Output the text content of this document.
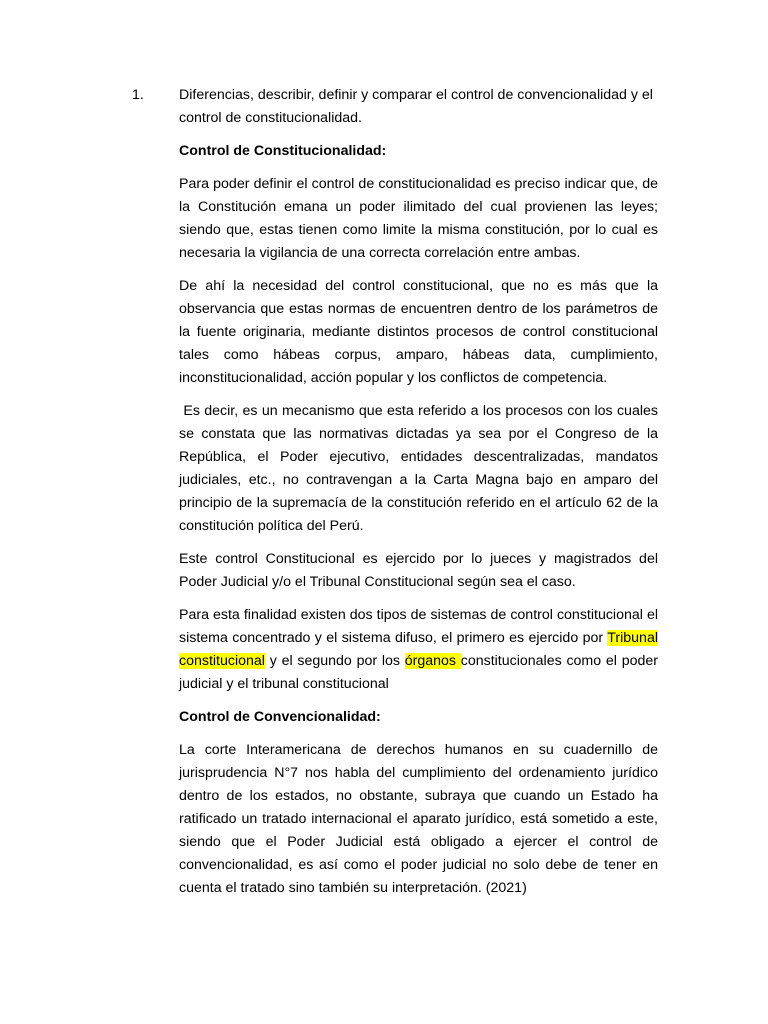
1. Diferencias, describir, definir y comparar el control de convencionalidad y el control de constitucionalidad.

Control de Constitucionalidad:

Para poder definir el control de constitucionalidad es preciso indicar que, de la Constitución emana un poder ilimitado del cual provienen las leyes; siendo que, estas tienen como limite la misma constitución, por lo cual es necesaria la vigilancia de una correcta correlación entre ambas.

De ahí la necesidad del control constitucional, que no es más que la observancia que estas normas de encuentren dentro de los parámetros de la fuente originaria, mediante distintos procesos de control constitucional tales como hábeas corpus, amparo, hábeas data, cumplimiento, inconstitucionalidad, acción popular y los conflictos de competencia.

Es decir, es un mecanismo que esta referido a los procesos con los cuales se constata que las normativas dictadas ya sea por el Congreso de la República, el Poder ejecutivo, entidades descentralizadas, mandatos judiciales, etc., no contravengan a la Carta Magna bajo en amparo del principio de la supremacía de la constitución referido en el artículo 62 de la constitución política del Perú.

Este control Constitucional es ejercido por lo jueces y magistrados del Poder Judicial y/o el Tribunal Constitucional según sea el caso.

Para esta finalidad existen dos tipos de sistemas de control constitucional el sistema concentrado y el sistema difuso, el primero es ejercido por Tribunal constitucional y el segundo por los órganos constitucionales como el poder judicial y el tribunal constitucional

Control de Convencionalidad:

La corte Interamericana de derechos humanos en su cuadernillo de jurisprudencia N°7 nos habla del cumplimiento del ordenamiento jurídico dentro de los estados, no obstante, subraya que cuando un Estado ha ratificado un tratado internacional el aparato jurídico, está sometido a este, siendo que el Poder Judicial está obligado a ejercer el control de convencionalidad, es así como el poder judicial no solo debe de tener en cuenta el tratado sino también su interpretación. (2021)
